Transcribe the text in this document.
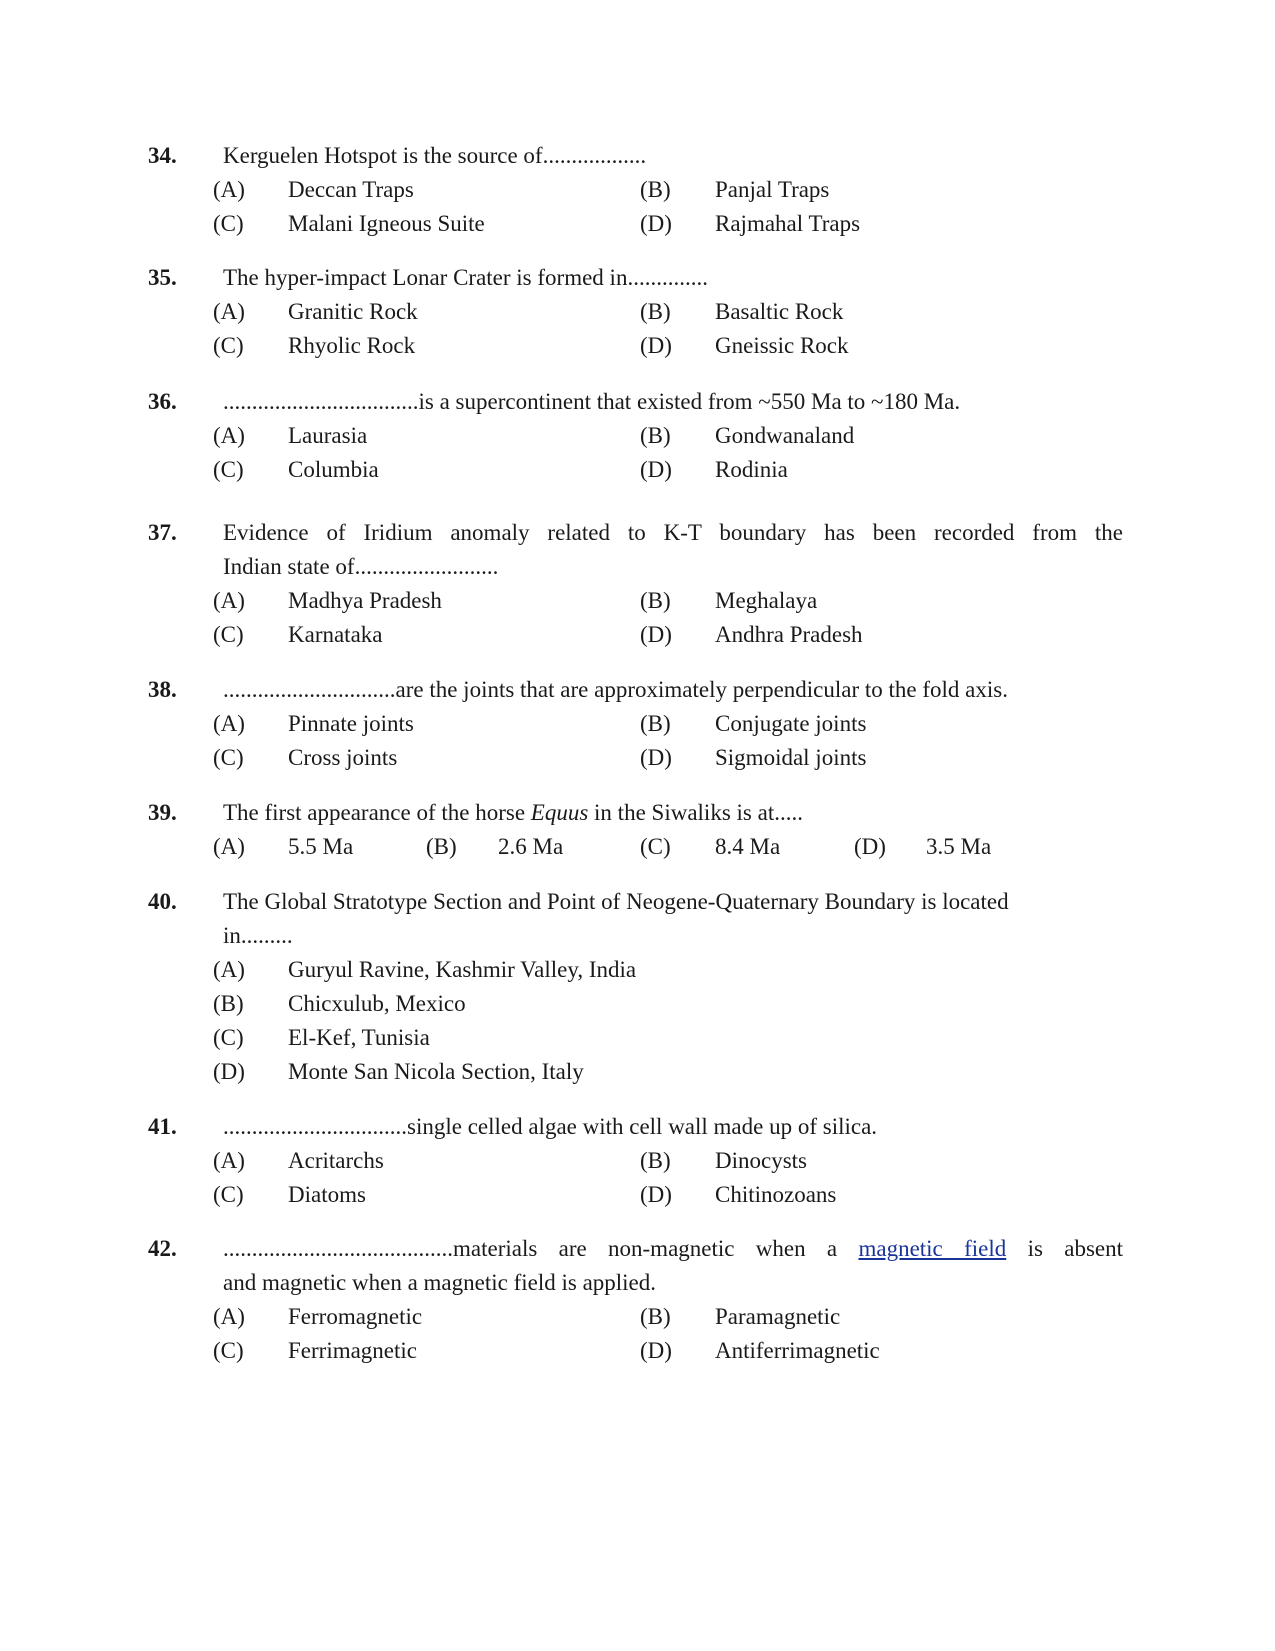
34. Kerguelen Hotspot is the source of..................
(A) Deccan Traps	(B) Panjal Traps
(C) Malani Igneous Suite	(D) Rajmahal Traps
35. The hyper-impact Lonar Crater is formed in..............
(A) Granitic Rock	(B) Basaltic Rock
(C) Rhyolic Rock	(D) Gneissic Rock
36. ..................................is a supercontinent that existed from ~550 Ma to ~180 Ma.
(A) Laurasia	(B) Gondwanaland
(C) Columbia	(D) Rodinia
37. Evidence of Iridium anomaly related to K-T boundary has been recorded from the
Indian state of.........................
(A) Madhya Pradesh	(B) Meghalaya
(C) Karnataka	(D) Andhra Pradesh
38. ..............................are the joints that are approximately perpendicular to the fold axis.
(A) Pinnate joints	(B) Conjugate joints
(C) Cross joints	(D) Sigmoidal joints
39. The first appearance of the horse Equus in the Siwaliks is at.....
(A) 5.5 Ma	(B) 2.6 Ma	(C) 8.4 Ma	(D) 3.5 Ma
40. The Global Stratotype Section and Point of Neogene-Quaternary Boundary is located
in.........
(A) Guryul Ravine, Kashmir Valley, India
(B) Chicxulub, Mexico
(C) El-Kef, Tunisia
(D) Monte San Nicola Section, Italy
41. ................................single celled algae with cell wall made up of silica.
(A) Acritarchs	(B) Dinocysts
(C) Diatoms	(D) Chitinozoans
42. ........................................materials are non-magnetic when a magnetic field is absent
and magnetic when a magnetic field is applied.
(A) Ferromagnetic	(B) Paramagnetic
(C) Ferrimagnetic	(D) Antiferrimagnetic
